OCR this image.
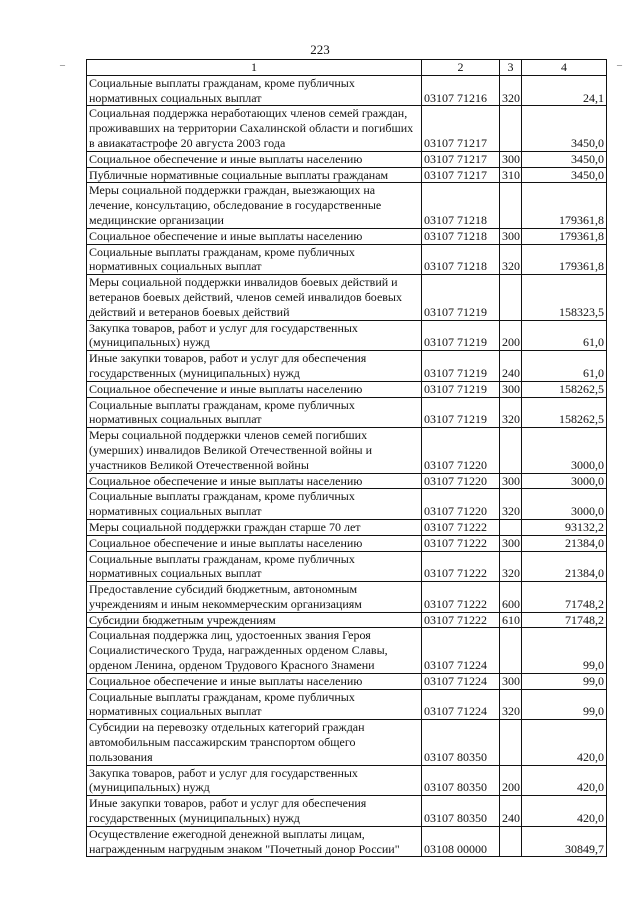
223
–	–
1	2	3	4
Социальные выплаты гражданам, кроме публичных нормативных социальных выплат	03107 71216	320	24,1
Социальная поддержка неработающих членов семей граждан, проживавших на территории Сахалинской области и погибших в авиакатастрофе 20 августа 2003 года	03107 71217		3450,0
Социальное обеспечение и иные выплаты населению	03107 71217	300	3450,0
Публичные нормативные социальные выплаты гражданам	03107 71217	310	3450,0
Меры социальной поддержки граждан, выезжающих на лечение, консультацию, обследование в государственные медицинские организации	03107 71218		179361,8
Социальное обеспечение и иные выплаты населению	03107 71218	300	179361,8
Социальные выплаты гражданам, кроме публичных нормативных социальных выплат	03107 71218	320	179361,8
Меры социальной поддержки инвалидов боевых действий и ветеранов боевых действий, членов семей инвалидов боевых действий и ветеранов боевых действий	03107 71219		158323,5
Закупка товаров, работ и услуг для государственных (муниципальных) нужд	03107 71219	200	61,0
Иные закупки товаров, работ и услуг для обеспечения государственных (муниципальных) нужд	03107 71219	240	61,0
Социальное обеспечение и иные выплаты населению	03107 71219	300	158262,5
Социальные выплаты гражданам, кроме публичных нормативных социальных выплат	03107 71219	320	158262,5
Меры социальной поддержки членов семей погибших (умерших) инвалидов Великой Отечественной войны и участников Великой Отечественной войны	03107 71220		3000,0
Социальное обеспечение и иные выплаты населению	03107 71220	300	3000,0
Социальные выплаты гражданам, кроме публичных нормативных социальных выплат	03107 71220	320	3000,0
Меры социальной поддержки граждан старше 70 лет	03107 71222		93132,2
Социальное обеспечение и иные выплаты населению	03107 71222	300	21384,0
Социальные выплаты гражданам, кроме публичных нормативных социальных выплат	03107 71222	320	21384,0
Предоставление субсидий бюджетным, автономным учреждениям и иным некоммерческим организациям	03107 71222	600	71748,2
Субсидии бюджетным учреждениям	03107 71222	610	71748,2
Социальная поддержка лиц, удостоенных звания Героя Социалистического Труда, награжденных орденом Славы, орденом Ленина, орденом Трудового Красного Знамени	03107 71224		99,0
Социальное обеспечение и иные выплаты населению	03107 71224	300	99,0
Социальные выплаты гражданам, кроме публичных нормативных социальных выплат	03107 71224	320	99,0
Субсидии на перевозку отдельных категорий граждан автомобильным пассажирским транспортом общего пользования	03107 80350		420,0
Закупка товаров, работ и услуг для государственных (муниципальных) нужд	03107 80350	200	420,0
Иные закупки товаров, работ и услуг для обеспечения государственных (муниципальных) нужд	03107 80350	240	420,0
Осуществление ежегодной денежной выплаты лицам, награжденным нагрудным знаком "Почетный донор России"	03108 00000		30849,7
